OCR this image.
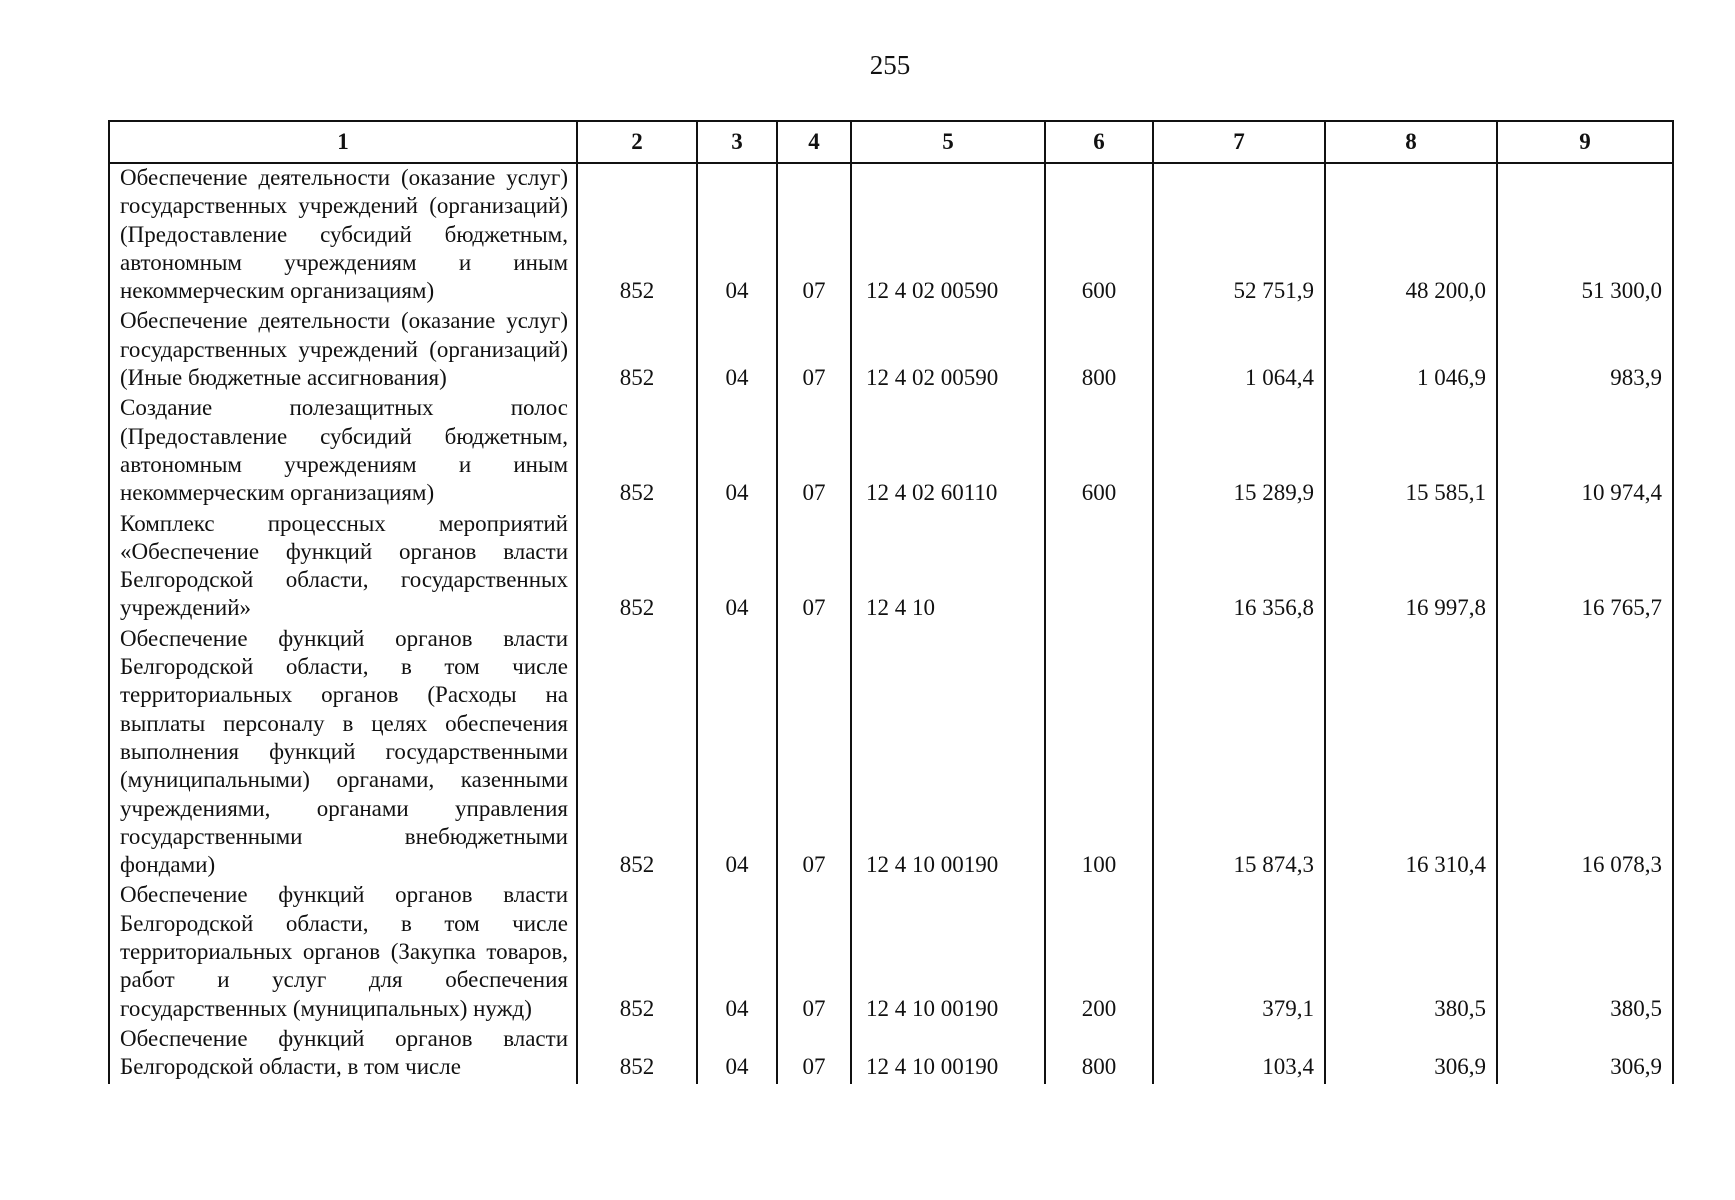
255
1	2	3	4	5	6	7	8	9
Обеспечение деятельности (оказание услуг) государственных учреждений (организаций) (Предоставление субсидий бюджетным, автономным учреждениям и иным некоммерческим организациям)	852	04	07	12 4 02 00590	600	52 751,9	48 200,0	51 300,0
Обеспечение деятельности (оказание услуг) государственных учреждений (организаций) (Иные бюджетные ассигнования)	852	04	07	12 4 02 00590	800	1 064,4	1 046,9	983,9
Создание полезащитных полос (Предоставление субсидий бюджетным, автономным учреждениям и иным некоммерческим организациям)	852	04	07	12 4 02 60110	600	15 289,9	15 585,1	10 974,4
Комплекс процессных мероприятий «Обеспечение функций органов власти Белгородской области, государственных учреждений»	852	04	07	12 4 10		16 356,8	16 997,8	16 765,7
Обеспечение функций органов власти Белгородской области, в том числе территориальных органов (Расходы на выплаты персоналу в целях обеспечения выполнения функций государственными (муниципальными) органами, казенными учреждениями, органами управления государственными внебюджетными фондами)	852	04	07	12 4 10 00190	100	15 874,3	16 310,4	16 078,3
Обеспечение функций органов власти Белгородской области, в том числе территориальных органов (Закупка товаров, работ и услуг для обеспечения государственных (муниципальных) нужд)	852	04	07	12 4 10 00190	200	379,1	380,5	380,5
Обеспечение функций органов власти Белгородской области, в том числе	852	04	07	12 4 10 00190	800	103,4	306,9	306,9
